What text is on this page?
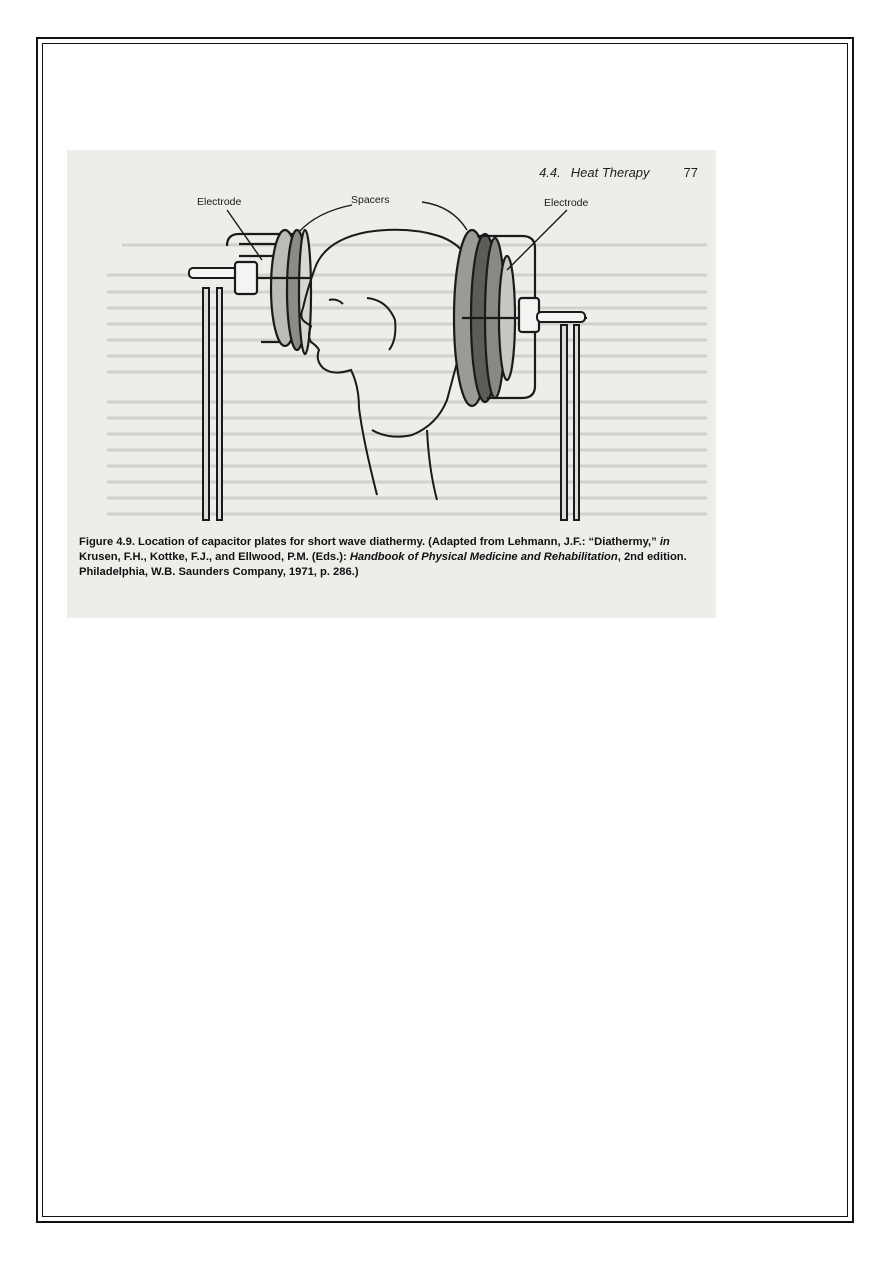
4.4. Heat Therapy	77
Electrode	Spacers	Electrode
Figure 4.9. Location of capacitor plates for short wave diathermy. (Adapted from Lehmann, J.F.: “Diathermy,” in Krusen, F.H., Kottke, F.J., and Ellwood, P.M. (Eds.): Handbook of Physical Medicine and Rehabilitation, 2nd edition. Philadelphia, W.B. Saunders Company, 1971, p. 286.)
